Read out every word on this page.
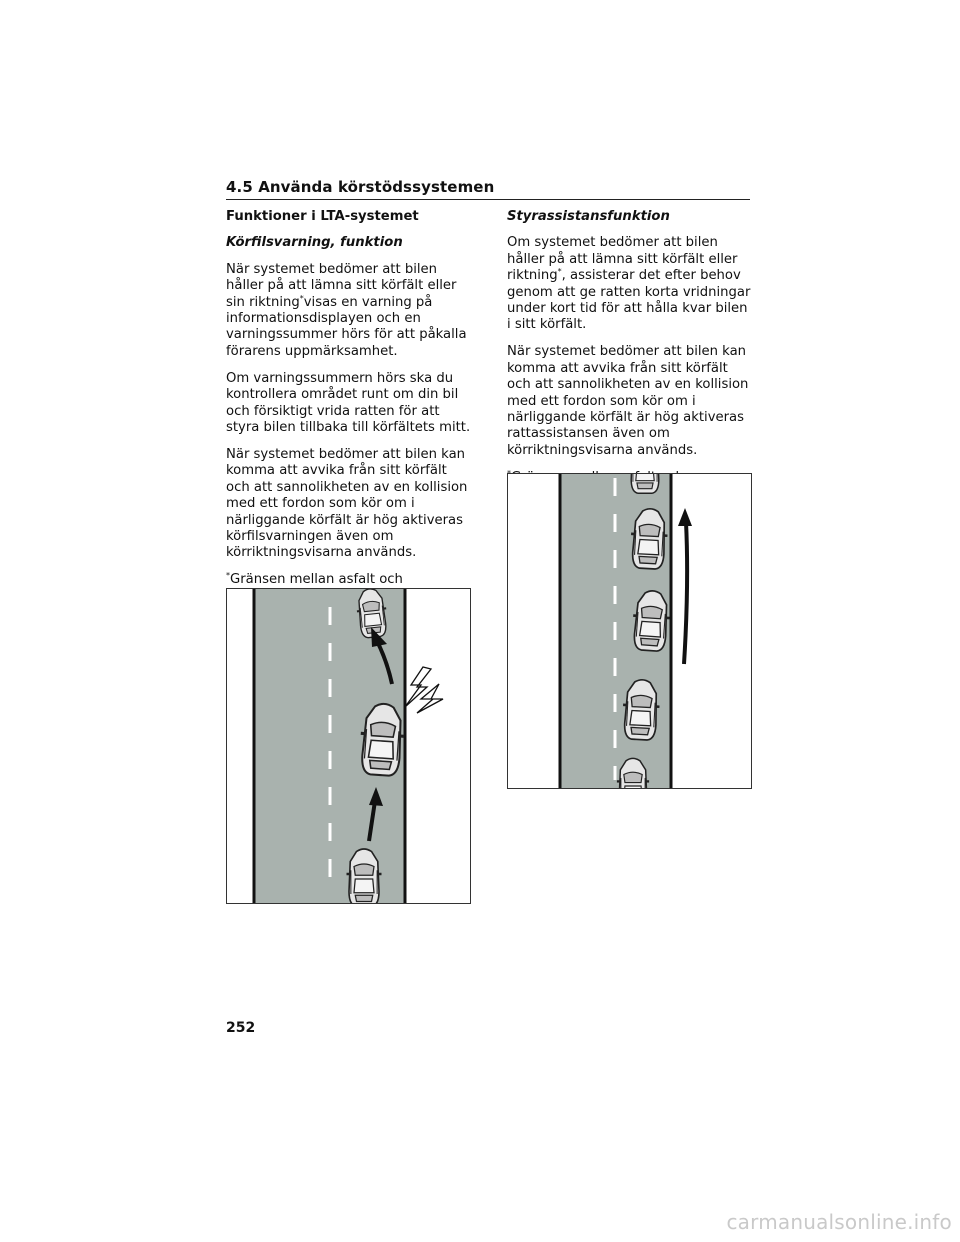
4.5 Använda körstödssystemen

Funktioner i LTA-systemet

Körfilsvarning, funktion

När systemet bedömer att bilen håller på att lämna sitt körfält eller sin riktning*visas en varning på informationsdisplayen och en varningssummer hörs för att påkalla förarens uppmärksamhet.

Om varningssummern hörs ska du kontrollera området runt om din bil och försiktigt vrida ratten för att styra bilen tillbaka till körfältets mitt.

När systemet bedömer att bilen kan komma att avvika från sitt körfält och att sannolikheten av en kollision med ett fordon som kör om i närliggande körfält är hög aktiveras körfilsvarningen även om körriktningsvisarna används.

*Gränsen mellan asfalt och

Styrassistansfunktion

Om systemet bedömer att bilen håller på att lämna sitt körfält eller riktning*, assisterar det efter behov genom att ge ratten korta vridningar under kort tid för att hålla kvar bilen i sitt körfält.

När systemet bedömer att bilen kan komma att avvika från sitt körfält och att sannolikheten av en kollision med ett fordon som kör om i närliggande körfält är hög aktiveras rattassistansen även om körriktningsvisarna används.

252
carmanualsonline.info
